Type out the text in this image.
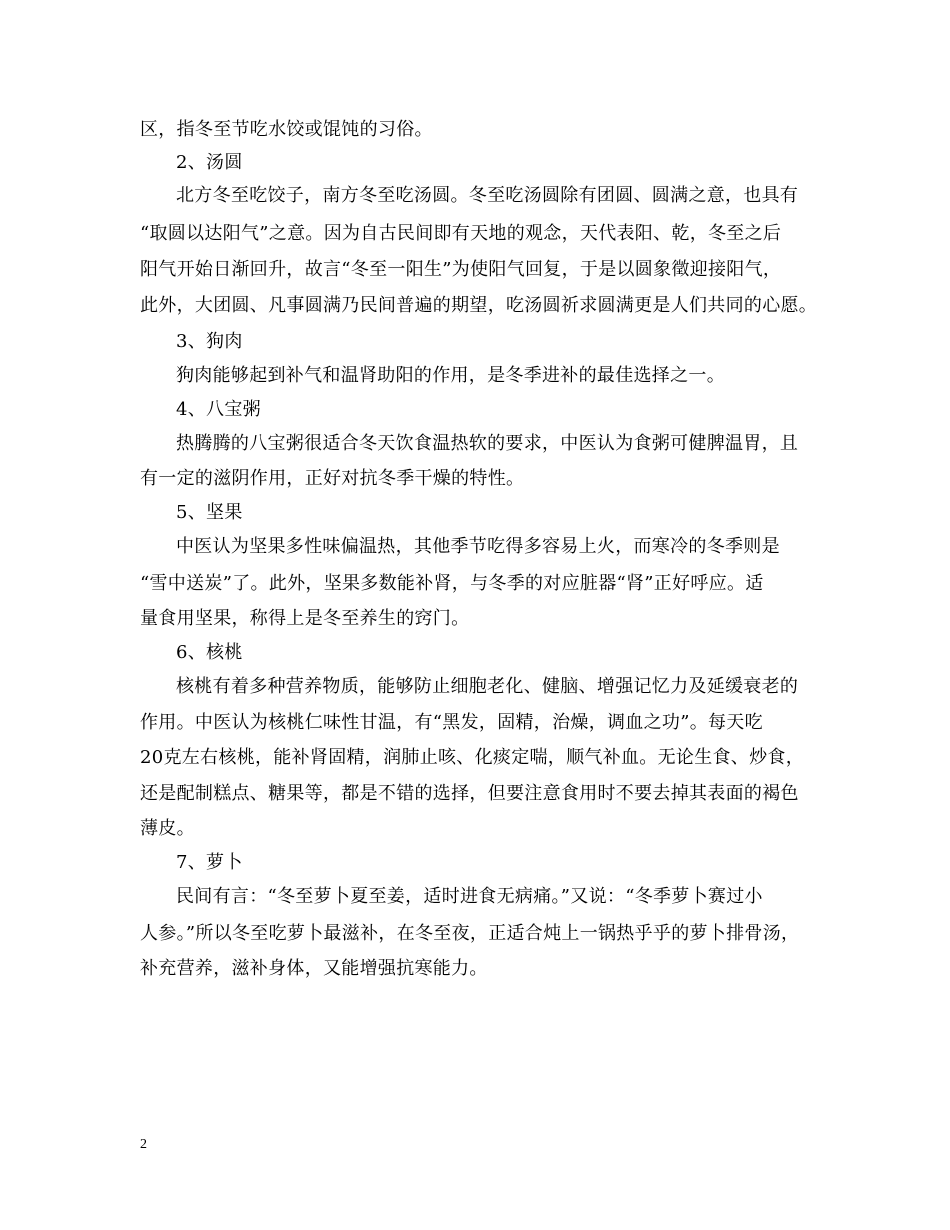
区，指冬至节吃水饺或馄饨的习俗。
2、汤圆
北方冬至吃饺子，南方冬至吃汤圆。冬至吃汤圆除有团圆、圆满之意，也具有
“取圆以达阳气”之意。因为自古民间即有天地的观念，天代表阳、乾，冬至之后
阳气开始日渐回升，故言“冬至一阳生”为使阳气回复，于是以圆象徵迎接阳气，
此外，大团圆、凡事圆满乃民间普遍的期望，吃汤圆祈求圆满更是人们共同的心愿。
3、狗肉
狗肉能够起到补气和温肾助阳的作用，是冬季进补的最佳选择之一。
4、八宝粥
热腾腾的八宝粥很适合冬天饮食温热软的要求，中医认为食粥可健脾温胃，且
有一定的滋阴作用，正好对抗冬季干燥的特性。
5、坚果
中医认为坚果多性味偏温热，其他季节吃得多容易上火，而寒冷的冬季则是
“雪中送炭”了。此外，坚果多数能补肾，与冬季的对应脏器“肾”正好呼应。适
量食用坚果，称得上是冬至养生的窍门。
6、核桃
核桃有着多种营养物质，能够防止细胞老化、健脑、增强记忆力及延缓衰老的
作用。中医认为核桃仁味性甘温，有“黑发，固精，治燥，调血之功”。每天吃
20克左右核桃，能补肾固精，润肺止咳、化痰定喘，顺气补血。无论生食、炒食，
还是配制糕点、糖果等，都是不错的选择，但要注意食用时不要去掉其表面的褐色
薄皮。
7、萝卜
民间有言：“冬至萝卜夏至姜，适时进食无病痛。”又说：“冬季萝卜赛过小
人参。”所以冬至吃萝卜最滋补，在冬至夜，正适合炖上一锅热乎乎的萝卜排骨汤，
补充营养，滋补身体，又能增强抗寒能力。
2
